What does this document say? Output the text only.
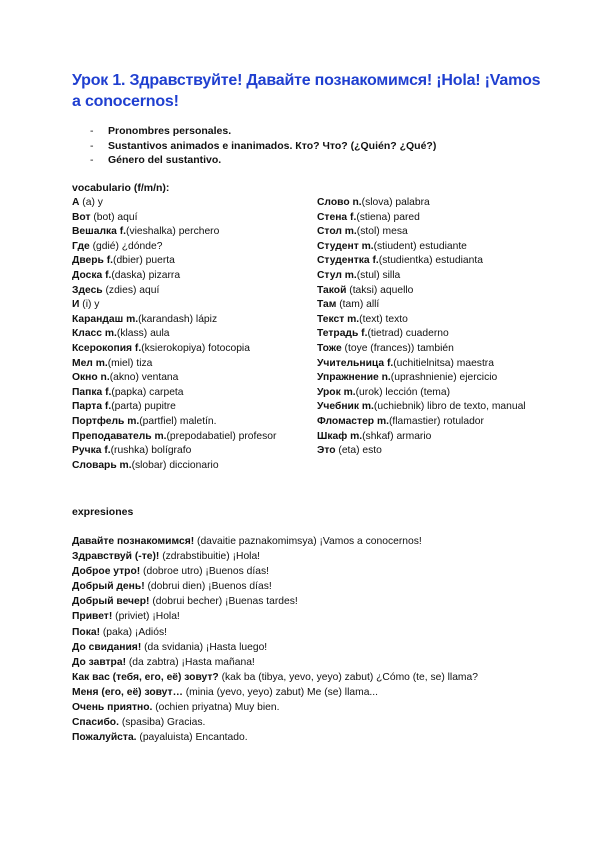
Урок 1. Здравствуйте! Давайте познакомимся! ¡Hola! ¡Vamos a conocernos!
- Pronombres personales.
- Sustantivos animados e inanimados. Кто? Что? (¿Quién? ¿Qué?)
- Género del sustantivo.

vocabulario (f/m/n):

А (a) y
Вот (bot) aquí
Вешалка f.(vieshalka) perchero
Где (gdié) ¿dónde?
Дверь f.(dbier) puerta
Доска f.(daska) pizarra
Здесь (zdies) aquí
И (i) y
Карандаш m.(karandash) lápiz
Класс m.(klass) aula
Ксерокопия f.(ksierokopiya) fotocopia
Мел m.(miel) tiza
Окно n.(akno) ventana
Папка f.(papka) carpeta
Парта f.(parta) pupitre
Портфель m.(partfiel) maletín.
Преподаватель m.(prepodabatiel) profesor
Ручка f.(rushka) bolígrafo
Словарь m.(slobar) diccionario
Слово n.(slova) palabra
Стена f.(stiena) pared
Стол m.(stol) mesa
Студент m.(stiudent) estudiante
Студентка f.(studientka) estudianta
Стул m.(stul) silla
Такой (taksi) aquello
Там (tam) allí
Текст m.(text) texto
Тетрадь f.(tietrad) cuaderno
Тоже (toye (frances)) también
Учительница f.(uchitielnitsa) maestra
Упражнение n.(uprashnienie) ejercicio
Урок m.(urok) lección (tema)
Учебник m.(uchiebnik) libro de texto, manual
Фломастер m.(flamastier) rotulador
Шкаф m.(shkaf) armario
Это (eta) esto

expresiones

Давайте познакомимся! (davaitie paznakomimsya) ¡Vamos a conocernos!
Здравствуй (-те)! (zdrabstibuitie) ¡Hola!
Доброе утро! (dobroe utro) ¡Buenos días!
Добрый день! (dobrui dien) ¡Buenos días!
Добрый вечер! (dobrui becher) ¡Buenas tardes!
Привет! (priviet) ¡Hola!
Пока! (paka) ¡Adiós!
До свидания! (da svidania) ¡Hasta luego!
До завтра! (da zabtra) ¡Hasta mañana!
Как вас (тебя, его, её) зовут? (kak ba (tibya, yevo, yeyo) zabut) ¿Cómo (te, se) llama?
Меня (его, её) зовут… (minia (yevo, yeyo) zabut) Me (se) llama...
Очень приятно. (ochien priyatna) Muy bien.
Спасибо. (spasiba) Gracias.
Пожалуйста. (payaluista) Encantado.
